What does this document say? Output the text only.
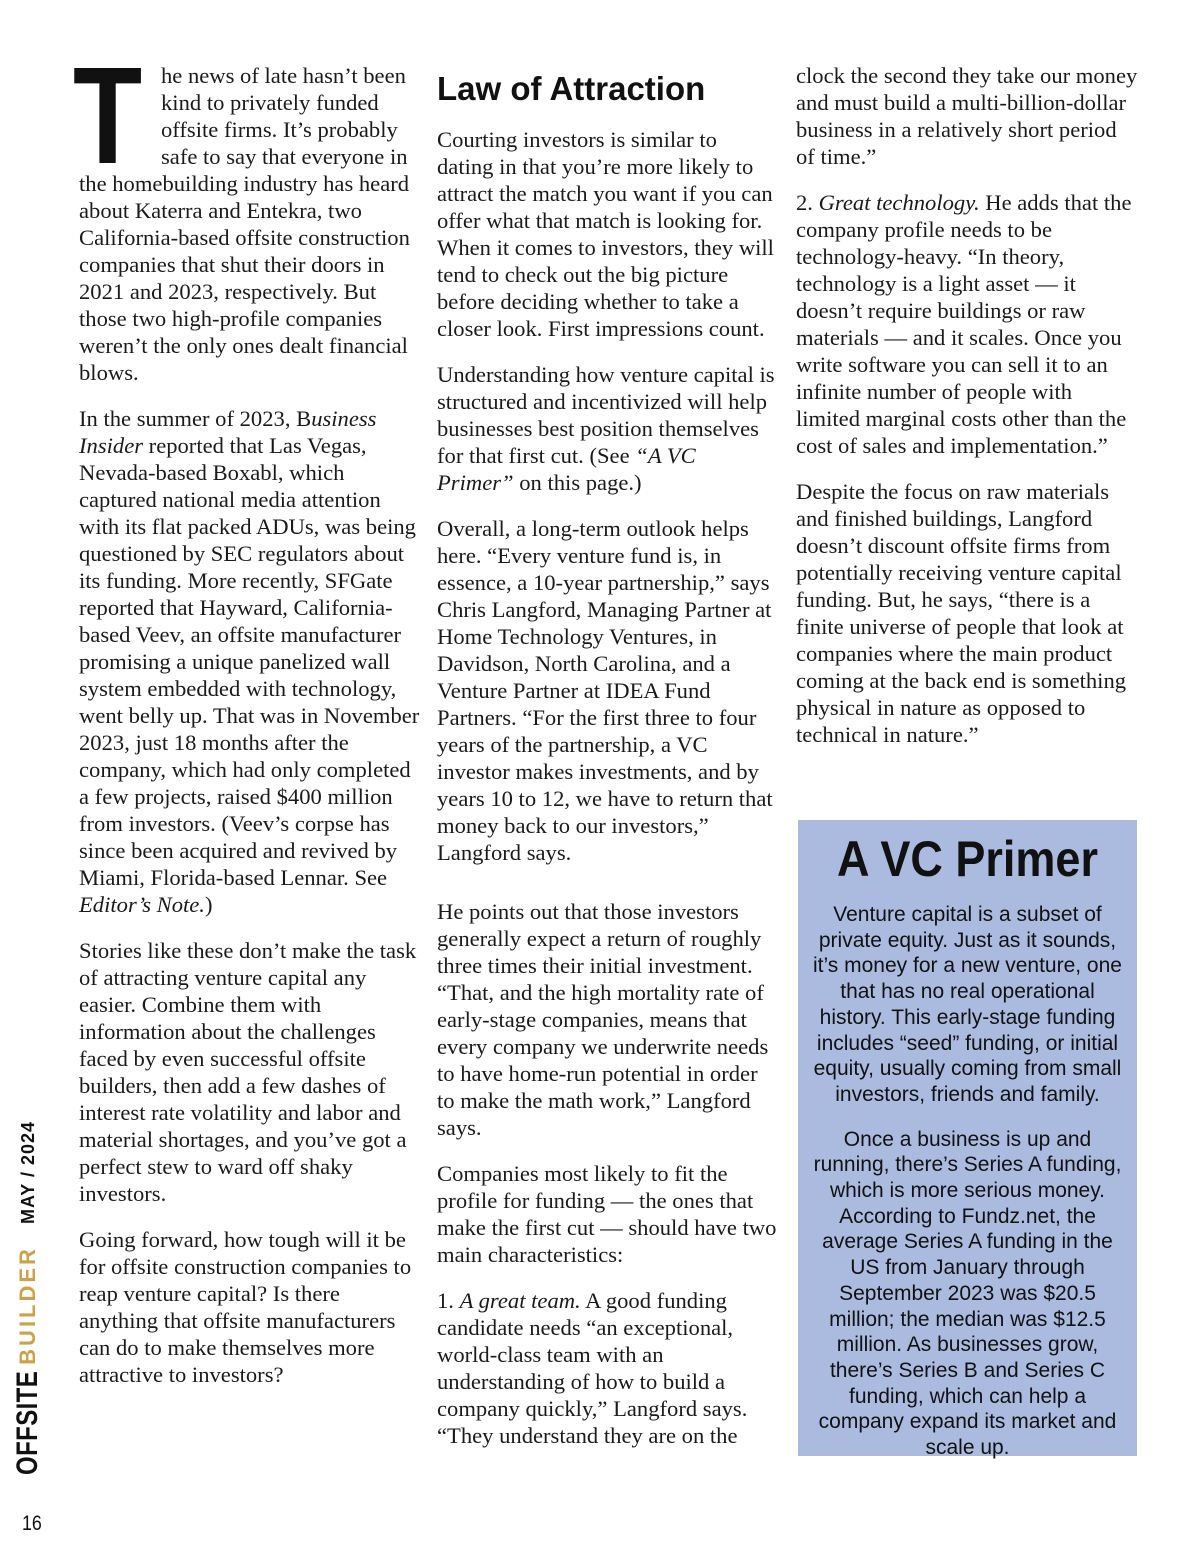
T he news of late hasn’t been kind to privately funded offsite firms. It’s probably safe to say that everyone in the homebuilding industry has heard about Katerra and Entekra, two California-based offsite construction companies that shut their doors in 2021 and 2023, respectively. But those two high-profile companies weren’t the only ones dealt financial blows.

In the summer of 2023, Business Insider reported that Las Vegas, Nevada-based Boxabl, which captured national media attention with its flat packed ADUs, was being questioned by SEC regulators about its funding. More recently, SFGate reported that Hayward, California-based Veev, an offsite manufacturer promising a unique panelized wall system embedded with technology, went belly up. That was in November 2023, just 18 months after the company, which had only completed a few projects, raised $400 million from investors. (Veev’s corpse has since been acquired and revived by Miami, Florida-based Lennar. See Editor’s Note.)

Stories like these don’t make the task of attracting venture capital any easier. Combine them with information about the challenges faced by even successful offsite builders, then add a few dashes of interest rate volatility and labor and material shortages, and you’ve got a perfect stew to ward off shaky investors.

Going forward, how tough will it be for offsite construction companies to reap venture capital? Is there anything that offsite manufacturers can do to make themselves more attractive to investors?

Law of Attraction

Courting investors is similar to dating in that you’re more likely to attract the match you want if you can offer what that match is looking for. When it comes to investors, they will tend to check out the big picture before deciding whether to take a closer look. First impressions count.

Understanding how venture capital is structured and incentivized will help businesses best position themselves for that first cut. (See “A VC Primer” on this page.)

Overall, a long-term outlook helps here. “Every venture fund is, in essence, a 10-year partnership,” says Chris Langford, Managing Partner at Home Technology Ventures, in Davidson, North Carolina, and a Venture Partner at IDEA Fund Partners. “For the first three to four years of the partnership, a VC investor makes investments, and by years 10 to 12, we have to return that money back to our investors,” Langford says.

He points out that those investors generally expect a return of roughly three times their initial investment. “That, and the high mortality rate of early-stage companies, means that every company we underwrite needs to have home-run potential in order to make the math work,” Langford says.

Companies most likely to fit the profile for funding — the ones that make the first cut — should have two main characteristics:

1. A great team. A good funding candidate needs “an exceptional, world-class team with an understanding of how to build a company quickly,” Langford says. “They understand they are on the

clock the second they take our money and must build a multi-billion-dollar business in a relatively short period of time.”

2. Great technology. He adds that the company profile needs to be technology-heavy. “In theory, technology is a light asset — it doesn’t require buildings or raw materials — and it scales. Once you write software you can sell it to an infinite number of people with limited marginal costs other than the cost of sales and implementation.”

Despite the focus on raw materials and finished buildings, Langford doesn’t discount offsite firms from potentially receiving venture capital funding. But, he says, “there is a finite universe of people that look at companies where the main product coming at the back end is something physical in nature as opposed to technical in nature.”

A VC Primer

Venture capital is a subset of private equity. Just as it sounds, it’s money for a new venture, one that has no real operational history. This early-stage funding includes “seed” funding, or initial equity, usually coming from small investors, friends and family.

Once a business is up and running, there’s Series A funding, which is more serious money. According to Fundz.net, the average Series A funding in the US from January through September 2023 was $20.5 million; the median was $12.5 million. As businesses grow, there’s Series B and Series C funding, which can help a company expand its market and scale up.

OFFSITE
BUILDER
MAY / 2024
16
